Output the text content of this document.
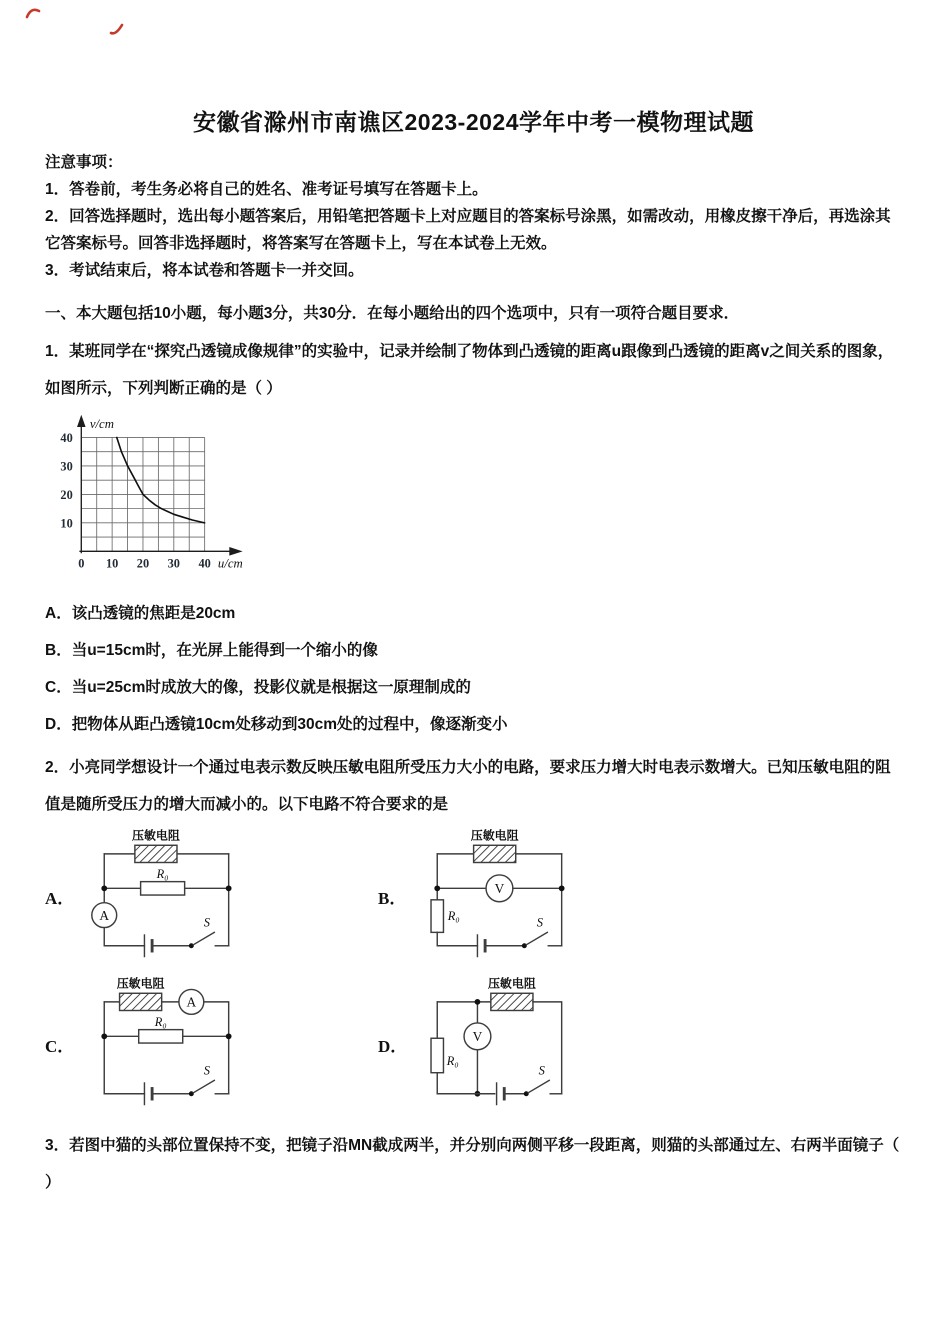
安徽省滁州市南谯区2023-2024学年中考一模物理试题

注意事项：

1．答卷前，考生务必将自己的姓名、准考证号填写在答题卡上。

2．回答选择题时，选出每小题答案后，用铅笔把答题卡上对应题目的答案标号涂黑，如需改动，用橡皮擦干净后，再选涂其它答案标号。回答非选择题时，将答案写在答题卡上，写在本试卷上无效。

3．考试结束后，将本试卷和答题卡一并交回。

一、本大题包括10小题，每小题3分，共30分．在每小题给出的四个选项中，只有一项符合题目要求．

1．某班同学在“探究凸透镜成像规律”的实验中，记录并绘制了物体到凸透镜的距离u跟像到凸透镜的距离v之间关系的图象，如图所示，下列判断正确的是（ ）

10
20
30
40
0 10 20 30 40
v/cm
u/cm

A．该凸透镜的焦距是20cm

B．当u=15cm时，在光屏上能得到一个缩小的像

C．当u=25cm时成放大的像，投影仪就是根据这一原理制成的

D．把物体从距凸透镜10cm处移动到30cm处的过程中，像逐渐变小

2．小亮同学想设计一个通过电表示数反映压敏电阻所受压力大小的电路，要求压力增大时电表示数增大。已知压敏电阻的阻值是随所受压力的增大而减小的。以下电路不符合要求的是

A．
压敏电阻
R₀
A	S
B．
压敏电阻
V
R₀	S
C．
压敏电阻
A
R₀
S
D．
压敏电阻
R₀
V
S

3．若图中猫的头部位置保持不变，把镜子沿MN截成两半，并分别向两侧平移一段距离，则猫的头部通过左、右两半面镜子（ ）
